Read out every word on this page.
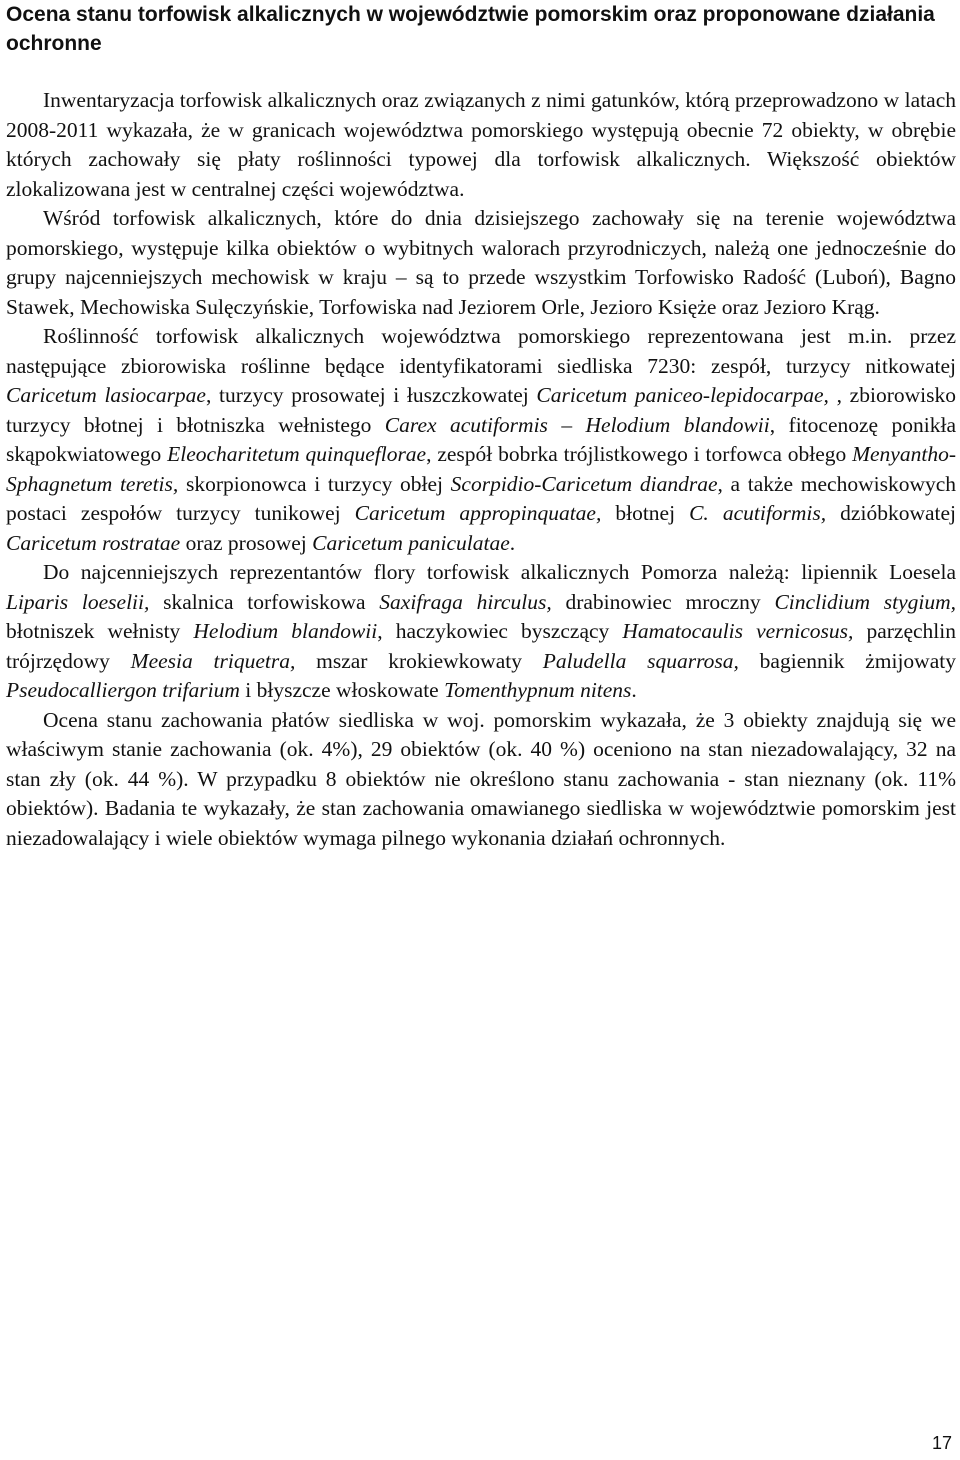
Ocena stanu torfowisk alkalicznych w województwie pomorskim oraz proponowane działania ochronne

Inwentaryzacja torfowisk alkalicznych oraz związanych z nimi gatunków, którą przeprowadzono w latach 2008-2011 wykazała, że w granicach województwa pomorskiego występują obecnie 72 obiekty, w obrębie których zachowały się płaty roślinności typowej dla torfowisk alkalicznych. Większość obiektów zlokalizowana jest w centralnej części województwa.

Wśród torfowisk alkalicznych, które do dnia dzisiejszego zachowały się na terenie województwa pomorskiego, występuje kilka obiektów o wybitnych walorach przyrodniczych, należą one jednocześnie do grupy najcenniejszych mechowisk w kraju – są to przede wszystkim Torfowisko Radość (Luboń), Bagno Stawek, Mechowiska Sulęczyńskie, Torfowiska nad Jeziorem Orle, Jezioro Księże oraz Jezioro Krąg.

Roślinność torfowisk alkalicznych województwa pomorskiego reprezentowana jest m.in. przez następujące zbiorowiska roślinne będące identyfikatorami siedliska 7230: zespół, turzycy nitkowatej Caricetum lasiocarpae, turzycy prosowatej i łuszczkowatej Caricetum paniceo-lepidocarpae, , zbiorowisko turzycy błotnej i błotniszka wełnistego Carex acutiformis – Helodium blandowii, fitocenozę ponikła skąpokwiatowego Eleocharitetum quinqueflorae, zespół bobrka trójlistkowego i torfowca obłego Menyantho-Sphagnetum teretis, skorpionowca i turzycy obłej Scorpidio-Caricetum diandrae, a także mechowiskowych postaci zespołów turzycy tunikowej Caricetum appropinquatae, błotnej C. acutiformis, dzióbkowatej Caricetum rostratae oraz prosowej Caricetum paniculatae.

Do najcenniejszych reprezentantów flory torfowisk alkalicznych Pomorza należą: lipiennik Loesela Liparis loeselii, skalnica torfowiskowa Saxifraga hirculus, drabinowiec mroczny Cinclidium stygium, błotniszek wełnisty Helodium blandowii, haczykowiec byszczący Hamatocaulis vernicosus, parzęchlin trójrzędowy Meesia triquetra, mszar krokiewkowaty Paludella squarrosa, bagiennik żmijowaty Pseudocalliergon trifarium i błyszcze włoskowate Tomenthypnum nitens.

Ocena stanu zachowania płatów siedliska w woj. pomorskim wykazała, że 3 obiekty znajdują się we właściwym stanie zachowania (ok. 4%), 29 obiektów (ok. 40 %) oceniono na stan niezadowalający, 32 na stan zły (ok. 44 %). W przypadku 8 obiektów nie określono stanu zachowania - stan nieznany (ok. 11% obiektów). Badania te wykazały, że stan zachowania omawianego siedliska w województwie pomorskim jest niezadowalający i wiele obiektów wymaga pilnego wykonania działań ochronnych.

17
